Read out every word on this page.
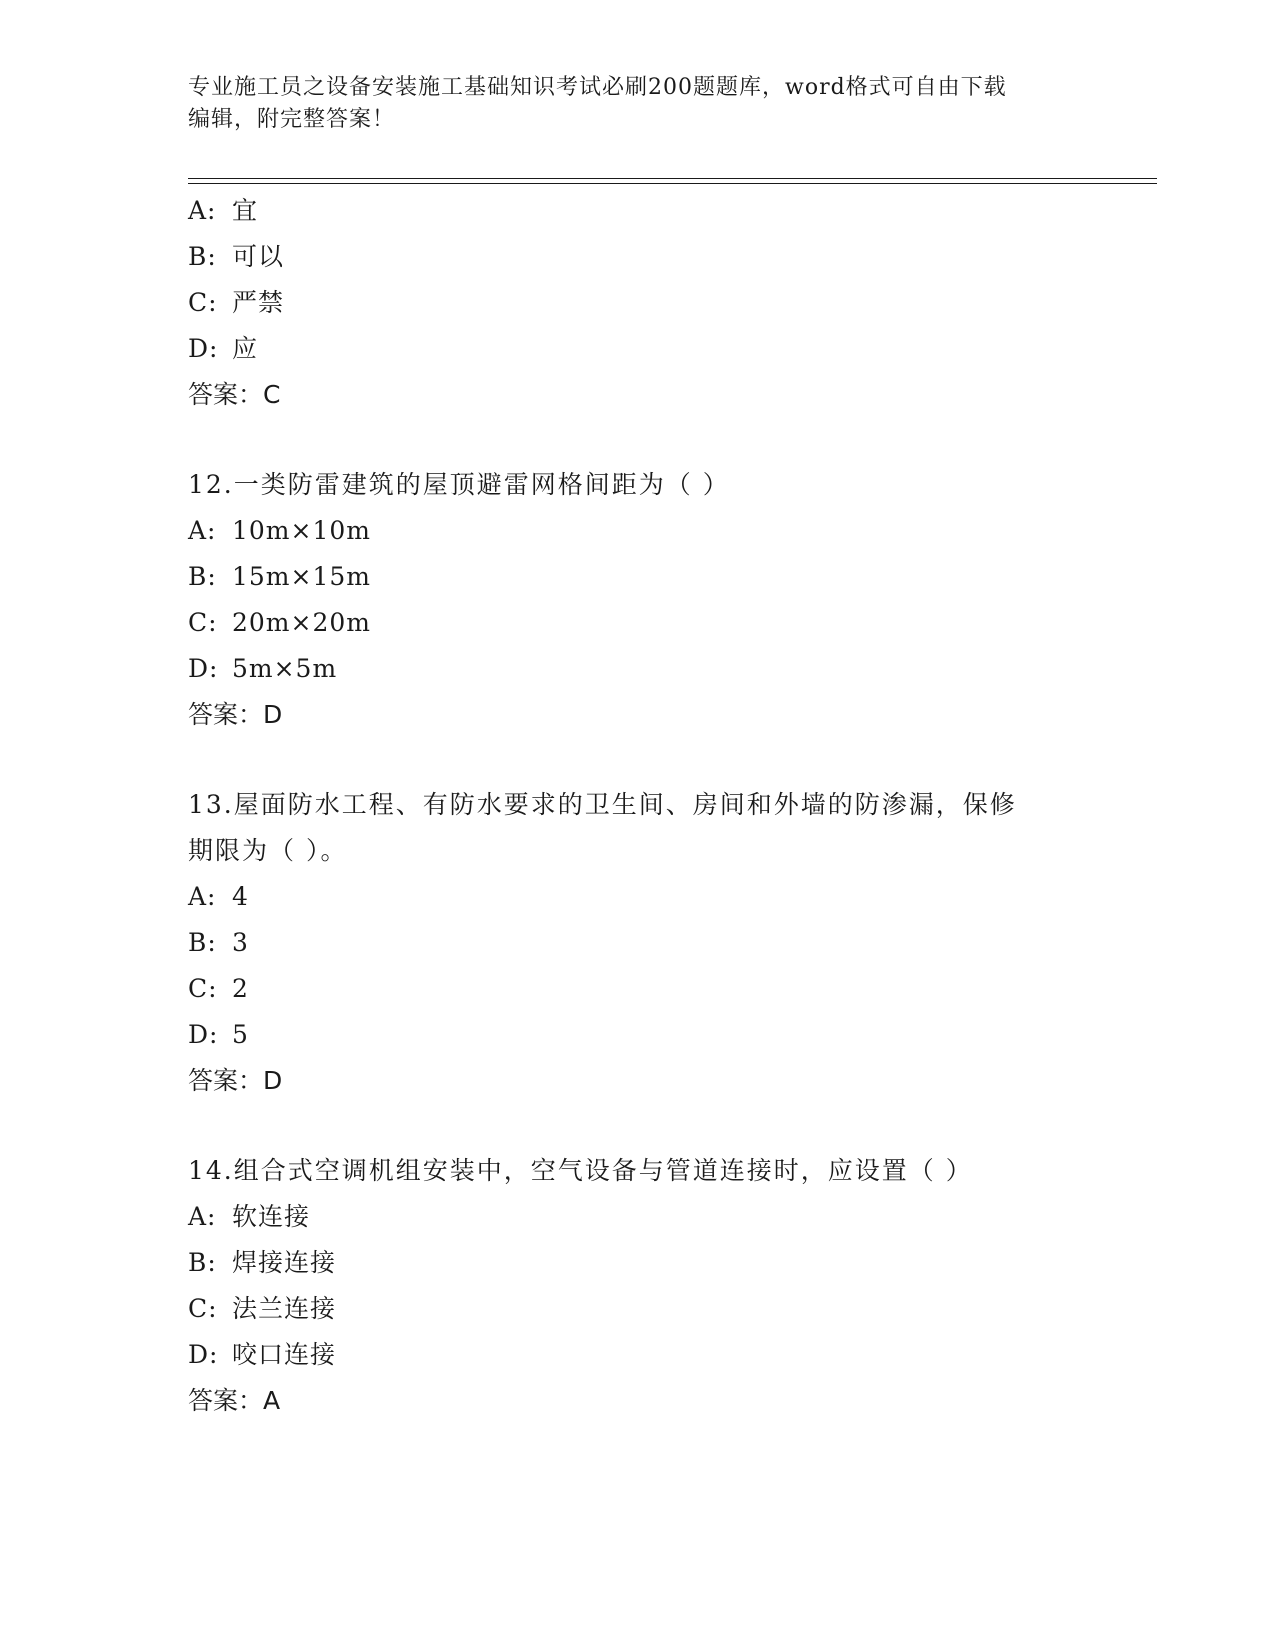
专业施工员之设备安装施工基础知识考试必刷200题题库，word格式可自由下载
编辑，附完整答案！
A: 宜
B: 可以
C: 严禁
D: 应
答案：C
12.一类防雷建筑的屋顶避雷网格间距为（ ）
A: 10m×10m
B: 15m×15m
C: 20m×20m
D: 5m×5m
答案：D
13.屋面防水工程、有防水要求的卫生间、房间和外墙的防渗漏，保修
期限为（ ）。
A: 4
B: 3
C: 2
D: 5
答案：D
14.组合式空调机组安装中，空气设备与管道连接时，应设置（ ）
A: 软连接
B: 焊接连接
C: 法兰连接
D: 咬口连接
答案：A
